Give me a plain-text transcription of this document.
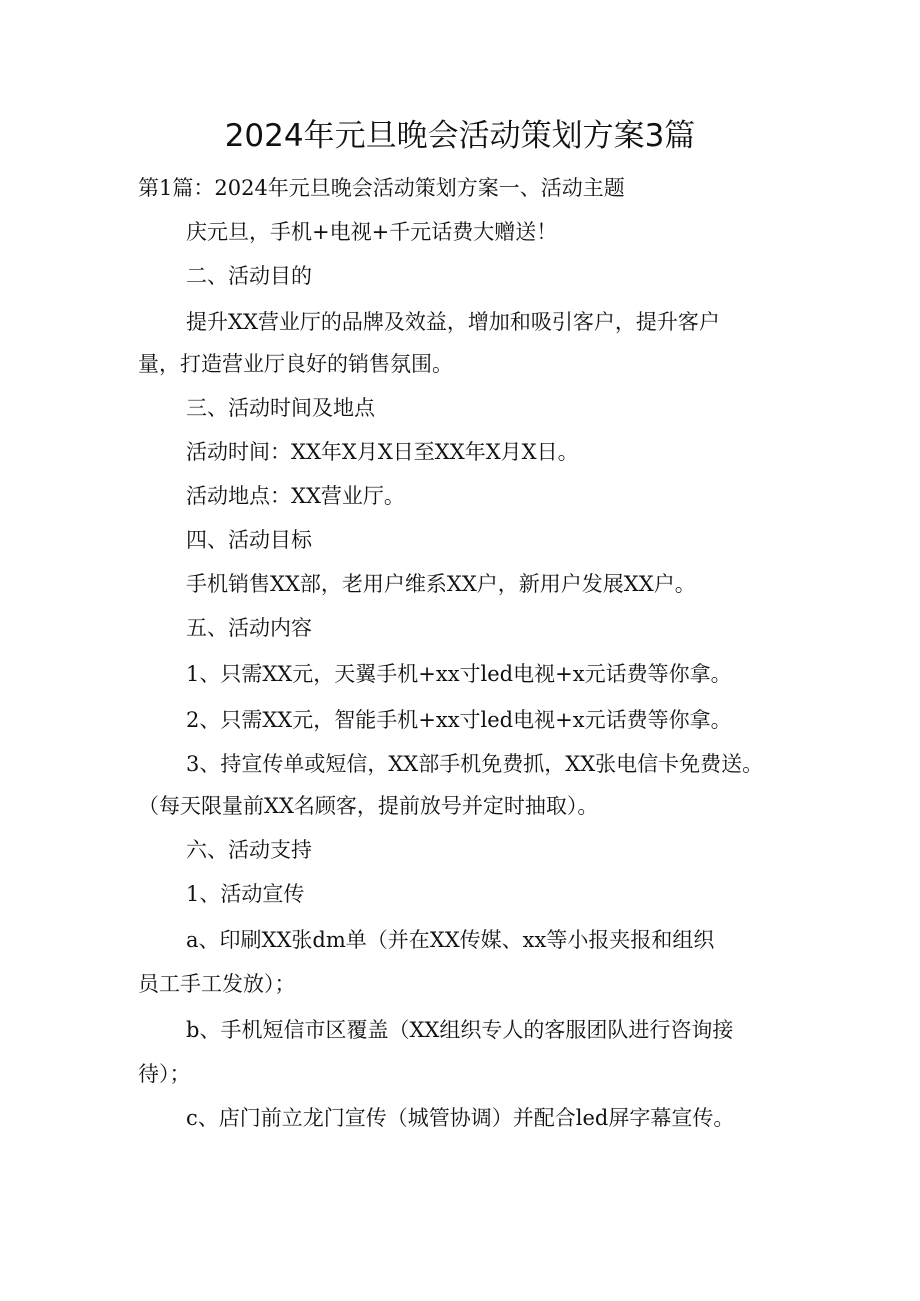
2024年元旦晚会活动策划方案3篇
第1篇：2024年元旦晚会活动策划方案一、活动主题
庆元旦，手机+电视+千元话费大赠送！
二、活动目的
提升XX营业厅的品牌及效益，增加和吸引客户，提升客户
量，打造营业厅良好的销售氛围。
三、活动时间及地点
活动时间：XX年X月X日至XX年X月X日。
活动地点：XX营业厅。
四、活动目标
手机销售XX部，老用户维系XX户，新用户发展XX户。
五、活动内容
1、只需XX元，天翼手机+xx寸led电视+x元话费等你拿。
2、只需XX元，智能手机+xx寸led电视+x元话费等你拿。
3、持宣传单或短信，XX部手机免费抓，XX张电信卡免费送。
（每天限量前XX名顾客，提前放号并定时抽取）。
六、活动支持
1、活动宣传
a、印刷XX张dm单（并在XX传媒、xx等小报夹报和组织
员工手工发放）；
b、手机短信市区覆盖（XX组织专人的客服团队进行咨询接
待）；
c、店门前立龙门宣传（城管协调）并配合led屏字幕宣传。
